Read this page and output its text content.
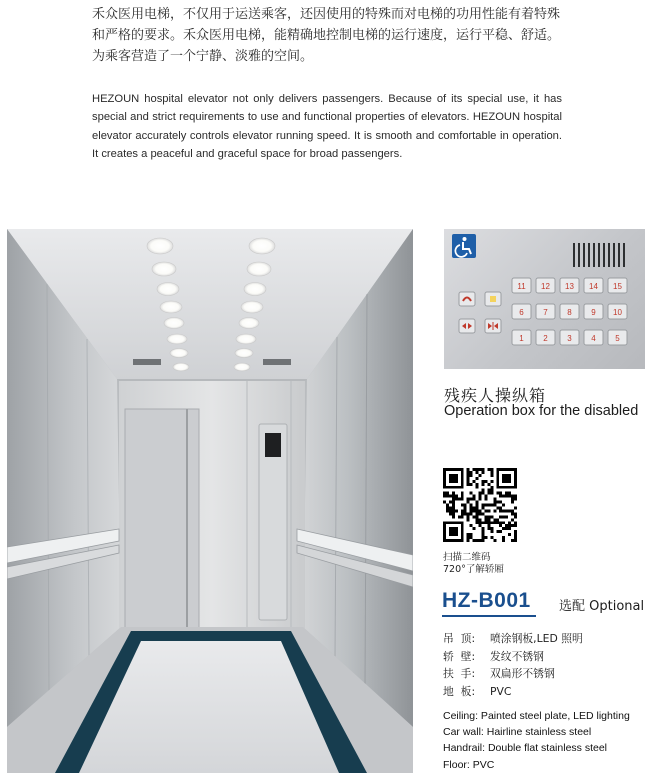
禾众医用电梯，不仅用于运送乘客，还因使用的特殊而对电梯的功用性能有着特殊和严格的要求。禾众医用电梯，能精确地控制电梯的运行速度，运行平稳、舒适。为乘客营造了一个宁静、淡雅的空间。
HEZOUN hospital elevator not only delivers passengers. Because of its special use, it has special and strict requirements to use and functional properties of elevators. HEZOUN hospital elevator accurately controls elevator running speed. It is smooth and comfortable in operation. It creates a peaceful and graceful space for broad passengers.
11 12 13 14 15
6 7 8 9 10
1 2 3 4 5
残疾人操纵箱
Operation box for the disabled
扫描二维码
720°了解轿厢
HZ-B001 选配 Optional
吊  顶:	喷涂钢板,LED 照明
轿  壁:	发纹不锈钢
扶  手:	双扁形不锈钢
地  板:	PVC
Ceiling: Painted steel plate, LED lighting
Car wall: Hairline stainless steel
Handrail: Double flat stainless steel
Floor: PVC
